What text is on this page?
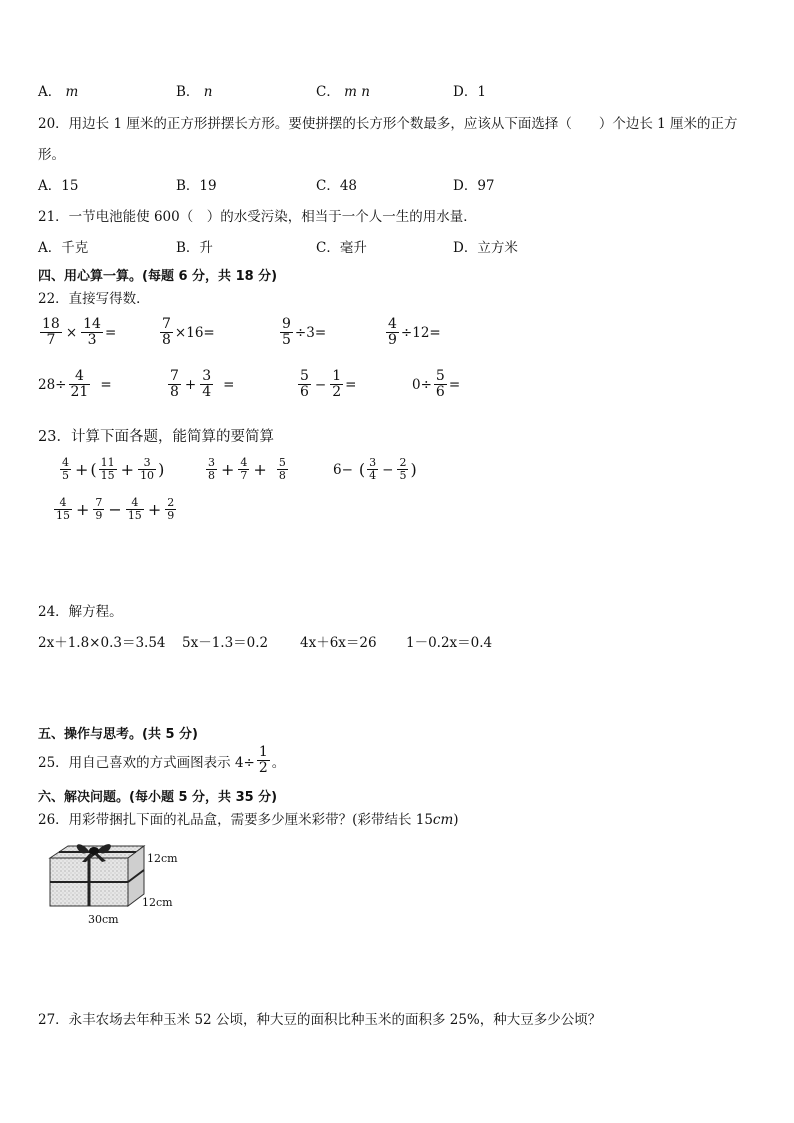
A． m	B． n	C． m n	D．1
20．用边长 1 厘米的正方形拼摆长方形。要使拼摆的长方形个数最多，应该从下面选择（　　）个边长 1 厘米的正方
形。
A．15	B．19	C．48	D．97
21．一节电池能使 600（　）的水受污染，相当于一个人一生的用水量．
A．千克	B．升	C．毫升	D．立方米
四、用心算一算。(每题 6 分，共 18 分)
22．直接写得数．
$\frac{18}{7} \times \frac{14}{3}$ =	$\frac{7}{8} \times 16=$	$\frac{9}{5} \div 3=$	$\frac{4}{9} \div 12=$
$28\div \frac{4}{21}$ =	$\frac{7}{8} + \frac{3}{4}$ =	$\frac{5}{6} - \frac{1}{2}$ =	$0\div \frac{5}{6}$ =
23．计算下面各题，能简算的要简算
$\frac{4}{5}$ + ( $\frac{11}{15} + \frac{3}{10}$ )	$\frac{3}{8} + \frac{4}{7} + \frac{5}{8}$	6− ( $\frac{3}{4} - \frac{2}{5}$ )
$\frac{4}{15} + \frac{7}{9} - \frac{4}{15} + \frac{2}{9}$
24．解方程。
2x＋1.8×0.3＝3.54 5x－1.3＝0.2 4x＋6x＝26 1－0.2x＝0.4
五、操作与思考。(共 5 分)
25．用自己喜欢的方式画图表示 $4\div \frac{1}{2}$ 。
六、解决问题。(每小题 5 分，共 35 分)
26．用彩带捆扎下面的礼品盒，需要多少厘米彩带？(彩带结长 15cm)
12cm
12cm
30cm
27．永丰农场去年种玉米 52 公顷，种大豆的面积比种玉米的面积多 25%，种大豆多少公顷？
